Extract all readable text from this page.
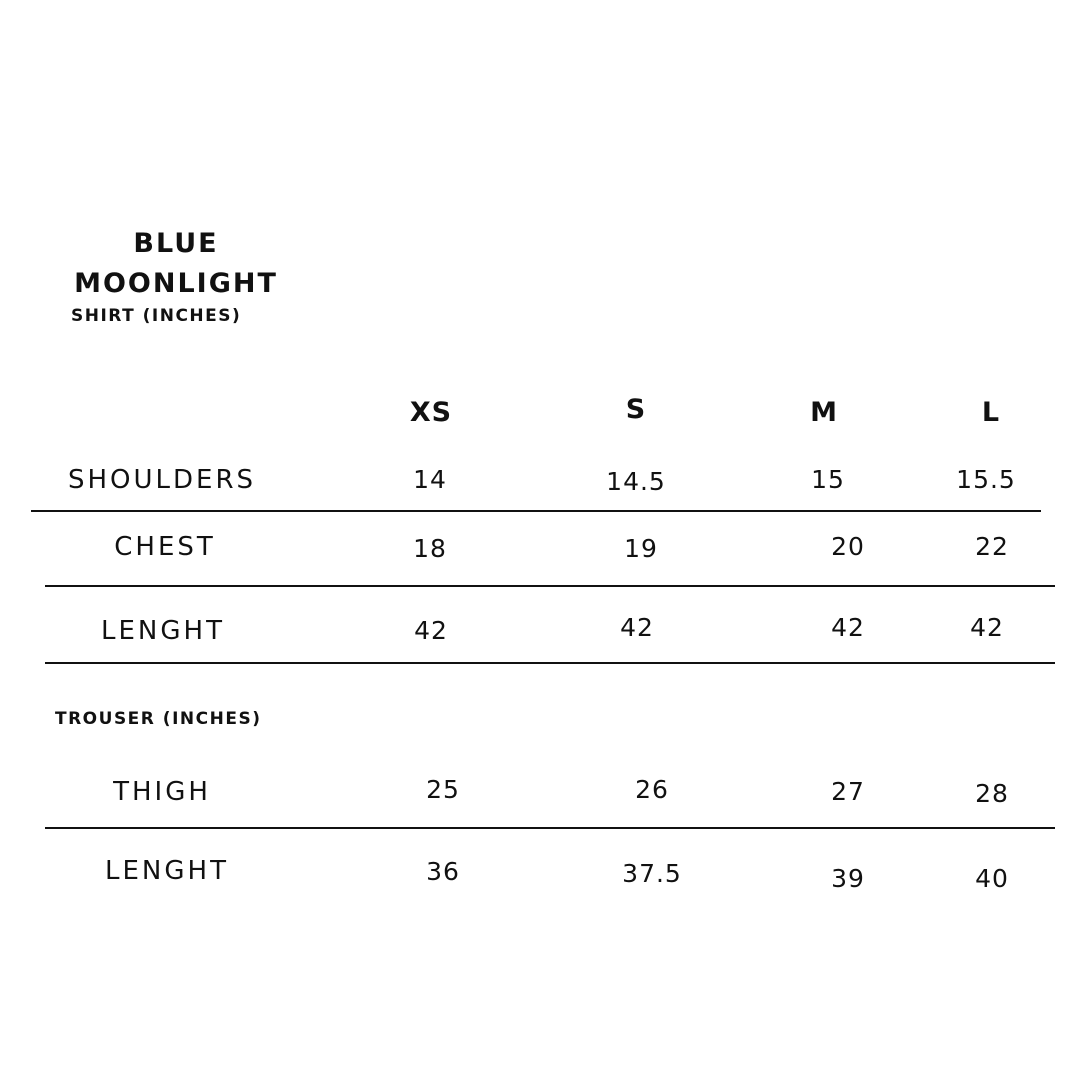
BLUE
MOONLIGHT
SHIRT (INCHES)
XS	S	M	L
SHOULDERS	14	14.5	15	15.5
CHEST	18	19	20	22
LENGHT	42	42	42	42
TROUSER (INCHES)
THIGH	25	26	27	28
LENGHT	36	37.5	39	40
